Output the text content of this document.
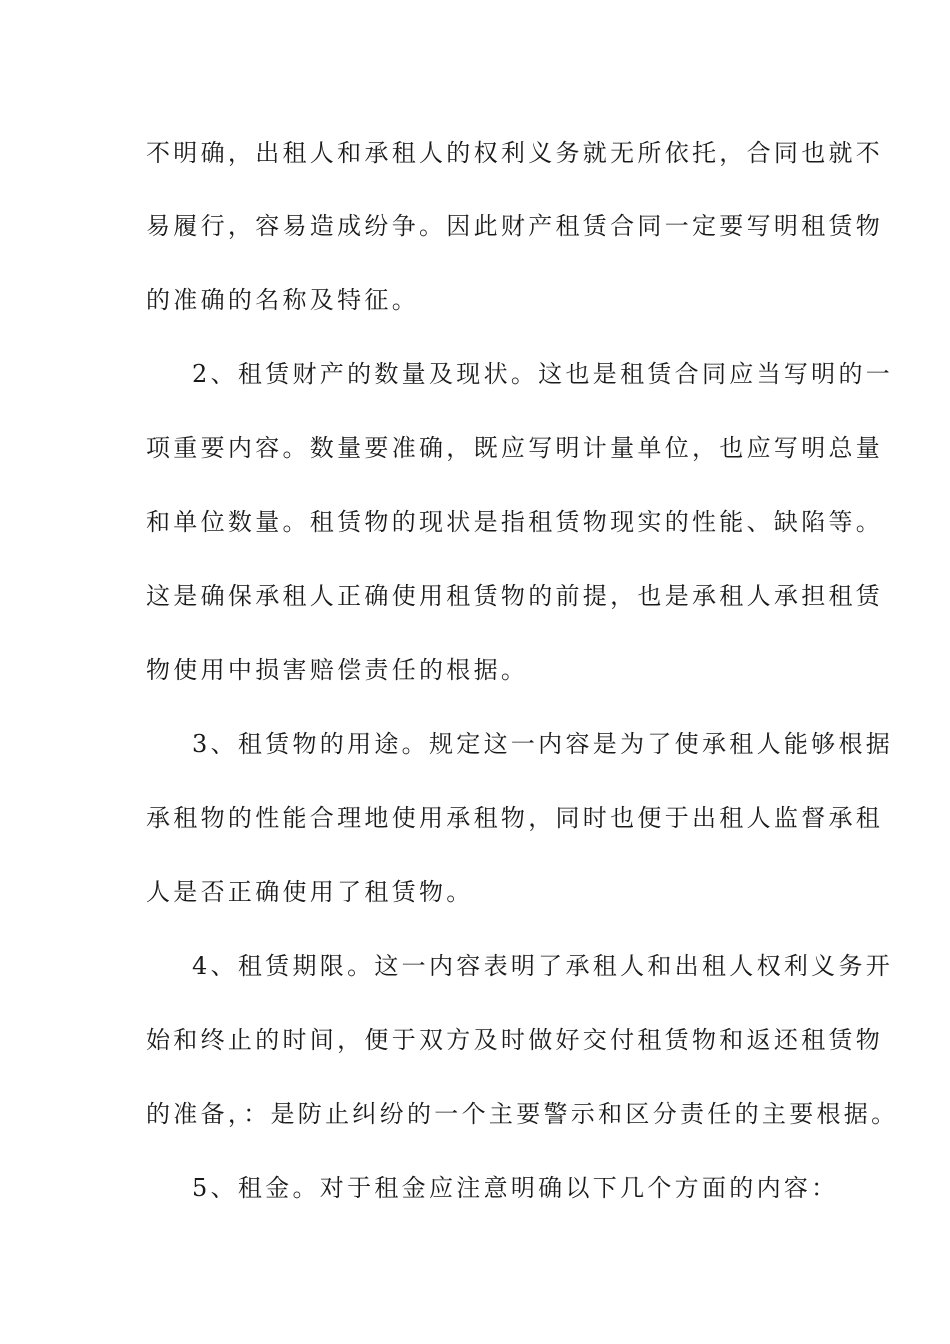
不明确，出租人和承租人的权利义务就无所依托，合同也就不
易履行，容易造成纷争。因此财产租赁合同一定要写明租赁物
的准确的名称及特征。
2、租赁财产的数量及现状。这也是租赁合同应当写明的一
项重要内容。数量要准确，既应写明计量单位，也应写明总量
和单位数量。租赁物的现状是指租赁物现实的性能、缺陷等。
这是确保承租人正确使用租赁物的前提，也是承租人承担租赁
物使用中损害赔偿责任的根据。
3、租赁物的用途。规定这一内容是为了使承租人能够根据
承租物的性能合理地使用承租物，同时也便于出租人监督承租
人是否正确使用了租赁物。
4、租赁期限。这一内容表明了承租人和出租人权利义务开
始和终止的时间，便于双方及时做好交付租赁物和返还租赁物
的准备，：是防止纠纷的一个主要警示和区分责任的主要根据。
5、租金。对于租金应注意明确以下几个方面的内容：
